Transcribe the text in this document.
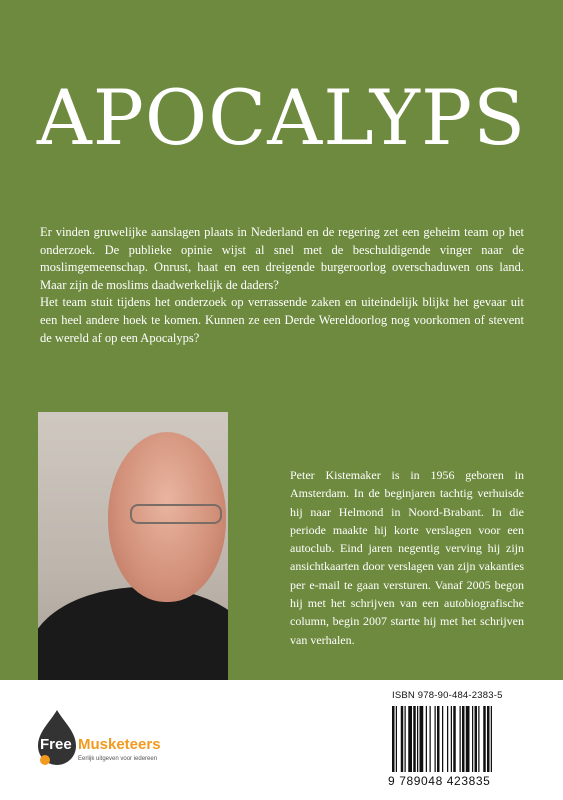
APOCALYPS

Er vinden gruwelijke aanslagen plaats in Nederland en de regering zet een geheim team op het onderzoek. De publieke opinie wijst al snel met de beschuldigende vinger naar de moslimgemeenschap. Onrust, haat en een dreigende burgeroorlog overschaduwen ons land. Maar zijn de moslims daadwerkelijk de daders?

Het team stuit tijdens het onderzoek op verrassende zaken en uiteindelijk blijkt het gevaar uit een heel andere hoek te komen. Kunnen ze een Derde Wereldoorlog nog voorkomen of stevent de wereld af op een Apocalyps?

Peter Kistemaker is in 1956 geboren in Amsterdam. In de beginjaren tachtig verhuisde hij naar Helmond in Noord-Brabant. In die periode maakte hij korte verslagen voor een autoclub. Eind jaren negentig verving hij zijn ansichtkaarten door verslagen van zijn vakanties per e-mail te gaan versturen. Vanaf 2005 begon hij met het schrijven van een autobiografische column, begin 2007 startte hij met het schrijven van verhalen.

Free Musketeers
Eerlijk uitgeven voor iedereen
ISBN 978-90-484-2383-5
9 789048 423835
